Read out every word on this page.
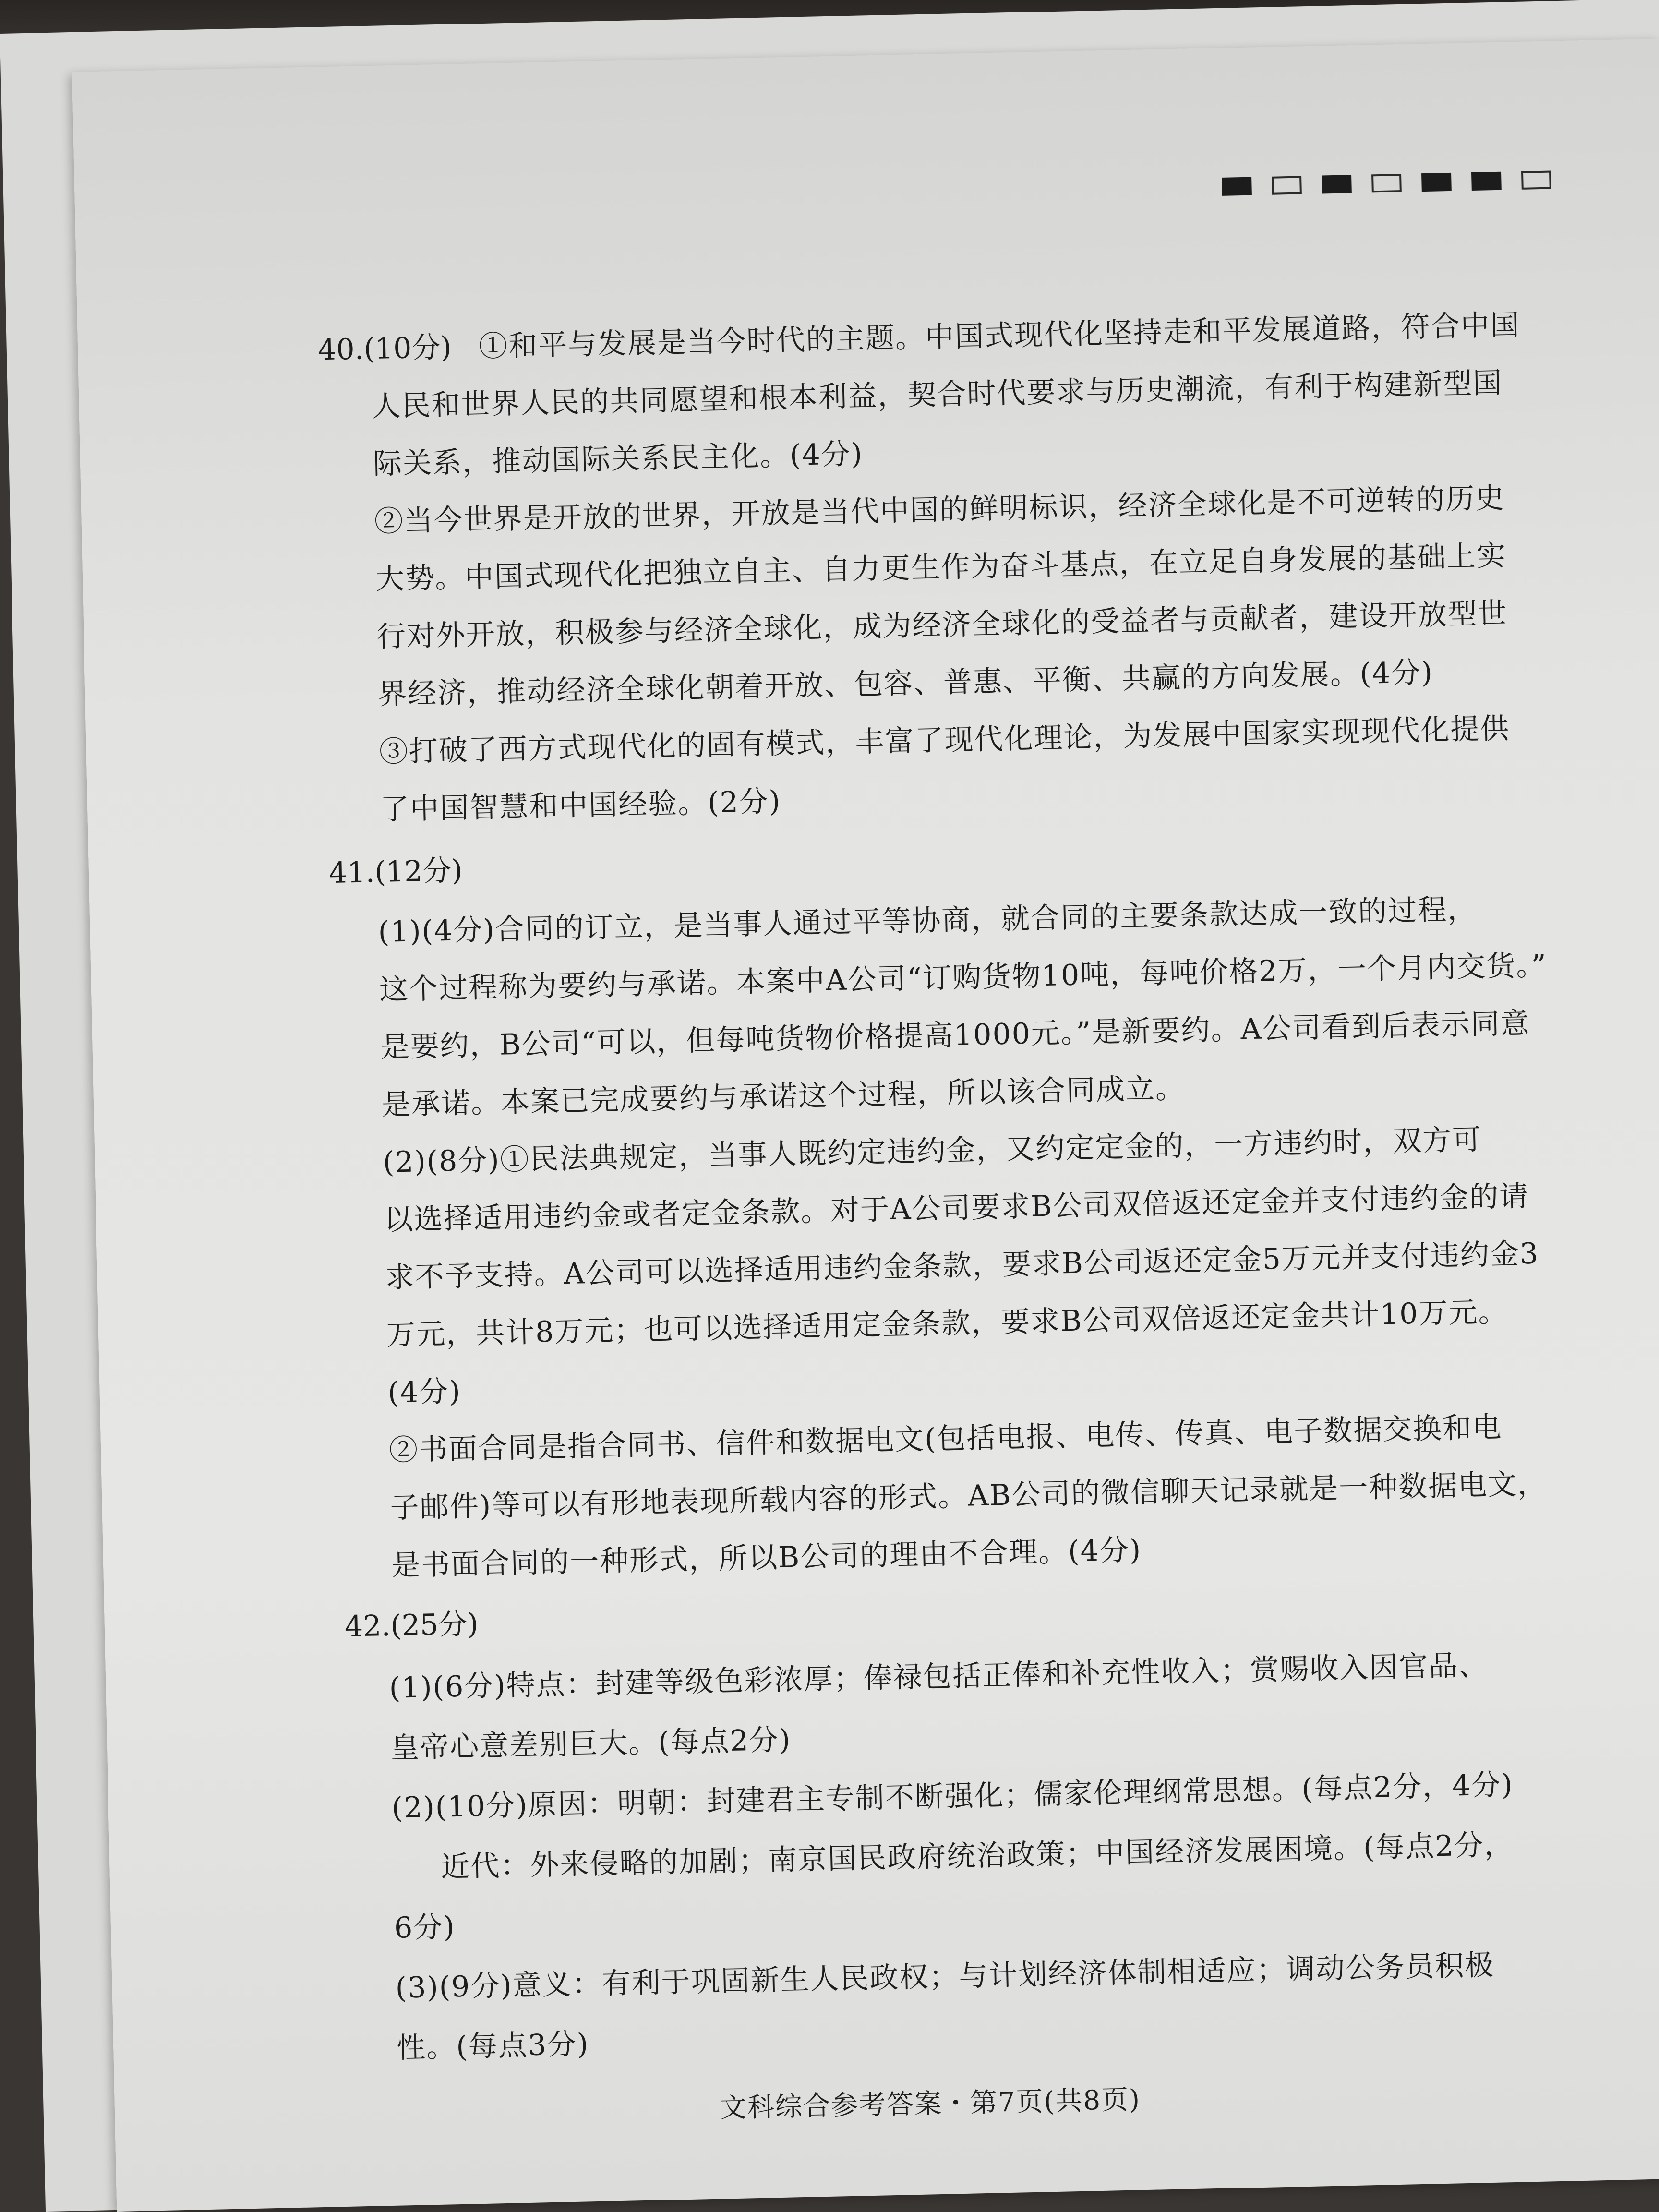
40.(10分) ①和平与发展是当今时代的主题。中国式现代化坚持走和平发展道路，符合中国
人民和世界人民的共同愿望和根本利益，契合时代要求与历史潮流，有利于构建新型国
际关系，推动国际关系民主化。(4分)
②当今世界是开放的世界，开放是当代中国的鲜明标识，经济全球化是不可逆转的历史
大势。中国式现代化把独立自主、自力更生作为奋斗基点，在立足自身发展的基础上实
行对外开放，积极参与经济全球化，成为经济全球化的受益者与贡献者，建设开放型世
界经济，推动经济全球化朝着开放、包容、普惠、平衡、共赢的方向发展。(4分)
③打破了西方式现代化的固有模式，丰富了现代化理论，为发展中国家实现现代化提供
了中国智慧和中国经验。(2分)
41.(12分)
(1)(4分)合同的订立，是当事人通过平等协商，就合同的主要条款达成一致的过程，
这个过程称为要约与承诺。本案中A公司“订购货物10吨，每吨价格2万，一个月内交货。”
是要约，B公司“可以，但每吨货物价格提高1000元。”是新要约。A公司看到后表示同意
是承诺。本案已完成要约与承诺这个过程，所以该合同成立。
(2)(8分)①民法典规定，当事人既约定违约金，又约定定金的，一方违约时，双方可
以选择适用违约金或者定金条款。对于A公司要求B公司双倍返还定金并支付违约金的请
求不予支持。A公司可以选择适用违约金条款，要求B公司返还定金5万元并支付违约金3
万元，共计8万元；也可以选择适用定金条款，要求B公司双倍返还定金共计10万元。
(4分)
②书面合同是指合同书、信件和数据电文(包括电报、电传、传真、电子数据交换和电
子邮件)等可以有形地表现所载内容的形式。AB公司的微信聊天记录就是一种数据电文，
是书面合同的一种形式，所以B公司的理由不合理。(4分)
42.(25分)
(1)(6分)特点：封建等级色彩浓厚；俸禄包括正俸和补充性收入；赏赐收入因官品、
皇帝心意差别巨大。(每点2分)
(2)(10分)原因：明朝：封建君主专制不断强化；儒家伦理纲常思想。(每点2分，4分)
近代：外来侵略的加剧；南京国民政府统治政策；中国经济发展困境。(每点2分，
6分)
(3)(9分)意义：有利于巩固新生人民政权；与计划经济体制相适应；调动公务员积极
性。(每点3分)
文科综合参考答案・第7页(共8页)
